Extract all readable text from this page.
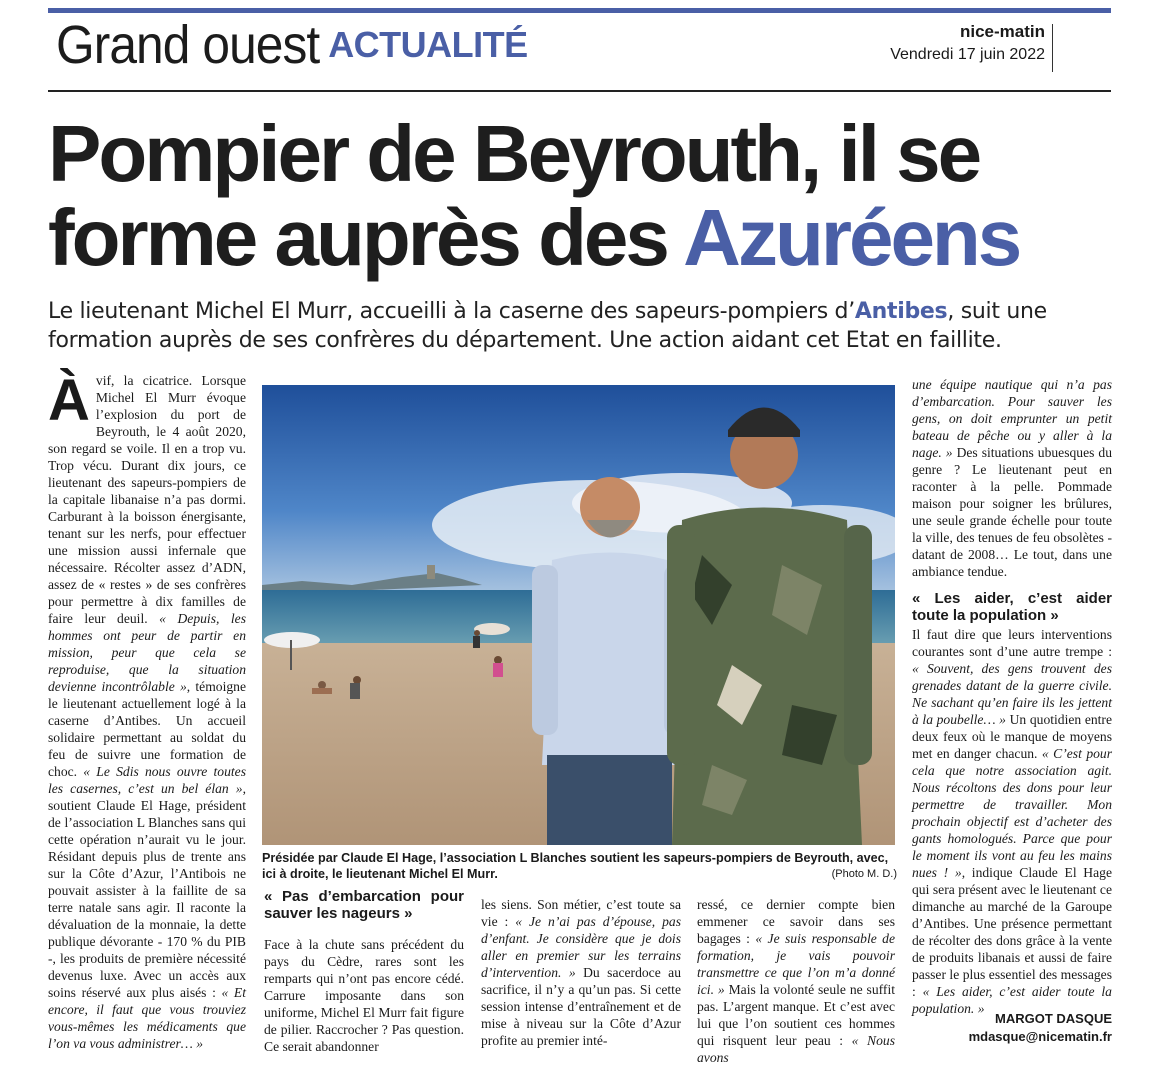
Grand ouest ACTUALITÉ	nice-matin
Vendredi 17 juin 2022
Pompier de Beyrouth, il se forme auprès des Azuréens
Le lieutenant Michel El Murr, accueilli à la caserne des sapeurs-pompiers d’Antibes, suit une formation auprès de ses confrères du département. Une action aidant cet Etat en faillite.

Àvif, la cicatrice. Lorsque Michel El Murr évoque l’explosion du port de Beyrouth, le 4 août 2020, son regard se voile. Il en a trop vu. Trop vécu. Durant dix jours, ce lieutenant des sapeurs-pompiers de la capitale libanaise n’a pas dormi. Carburant à la boisson énergisante, tenant sur les nerfs, pour effectuer une mission aussi infernale que nécessaire. Récolter assez d’ADN, assez de « restes » de ses confrères pour permettre à dix familles de faire leur deuil. « Depuis, les hommes ont peur de partir en mission, peur que cela se reproduise, que la situation devienne incontrôlable », témoigne le lieutenant actuellement logé à la caserne d’Antibes. Un accueil solidaire permettant au soldat du feu de suivre une formation de choc. « Le Sdis nous ouvre toutes les casernes, c’est un bel élan », soutient Claude El Hage, président de l’association L Blanches sans qui cette opération n’aurait vu le jour. Résidant depuis plus de trente ans sur la Côte d’Azur, l’Antibois ne pouvait assister à la faillite de sa terre natale sans agir. Il raconte la dévaluation de la monnaie, la dette publique dévorante - 170 % du PIB -, les produits de première nécessité devenus luxe. Avec un accès aux soins réservé aux plus aisés : « Et encore, il faut que vous trouviez vous-mêmes les médicaments que l’on va vous administrer… »

Présidée par Claude El Hage, l’association L Blanches soutient les sapeurs-pompiers de Beyrouth, avec, ici à droite, le lieutenant Michel El Murr.	(Photo M. D.)
« Pas d’embarcation pour sauver les nageurs »

Face à la chute sans précédent du pays du Cèdre, rares sont les remparts qui n’ont pas encore cédé. Carrure imposante dans son uniforme, Michel El Murr fait figure de pilier. Raccrocher ? Pas question. Ce serait abandonner

les siens. Son métier, c’est toute sa vie : « Je n’ai pas d’épouse, pas d’enfant. Je considère que je dois aller en premier sur les terrains d’intervention. » Du sacerdoce au sacrifice, il n’y a qu’un pas. Si cette session intense d’entraînement et de mise à niveau sur la Côte d’Azur profite au premier inté-

ressé, ce dernier compte bien emmener ce savoir dans ses bagages : « Je suis responsable de formation, je vais pouvoir transmettre ce que l’on m’a donné ici. » Mais la volonté seule ne suffit pas. L’argent manque. Et c’est avec lui que l’on soutient ces hommes qui risquent leur peau : « Nous avons

une équipe nautique qui n’a pas d’embarcation. Pour sauver les gens, on doit emprunter un petit bateau de pêche ou y aller à la nage. » Des situations ubuesques du genre ? Le lieutenant peut en raconter à la pelle. Pommade maison pour soigner les brûlures, une seule grande échelle pour toute la ville, des tenues de feu obsolètes - datant de 2008… Le tout, dans une ambiance tendue.

« Les aider, c’est aider toute la population »

Il faut dire que leurs interventions courantes sont d’une autre trempe : « Souvent, des gens trouvent des grenades datant de la guerre civile. Ne sachant qu’en faire ils les jettent à la poubelle… » Un quotidien entre deux feux où le manque de moyens met en danger chacun. « C’est pour cela que notre association agit. Nous récoltons des dons pour leur permettre de travailler. Mon prochain objectif est d’acheter des gants homologués. Parce que pour le moment ils vont au feu les mains nues ! », indique Claude El Hage qui sera présent avec le lieutenant ce dimanche au marché de la Garoupe d’Antibes. Une présence permettant de récolter des dons grâce à la vente de produits libanais et aussi de faire passer le plus essentiel des messages : « Les aider, c’est aider toute la population. »

MARGOT DASQUE
mdasque@nicematin.fr
